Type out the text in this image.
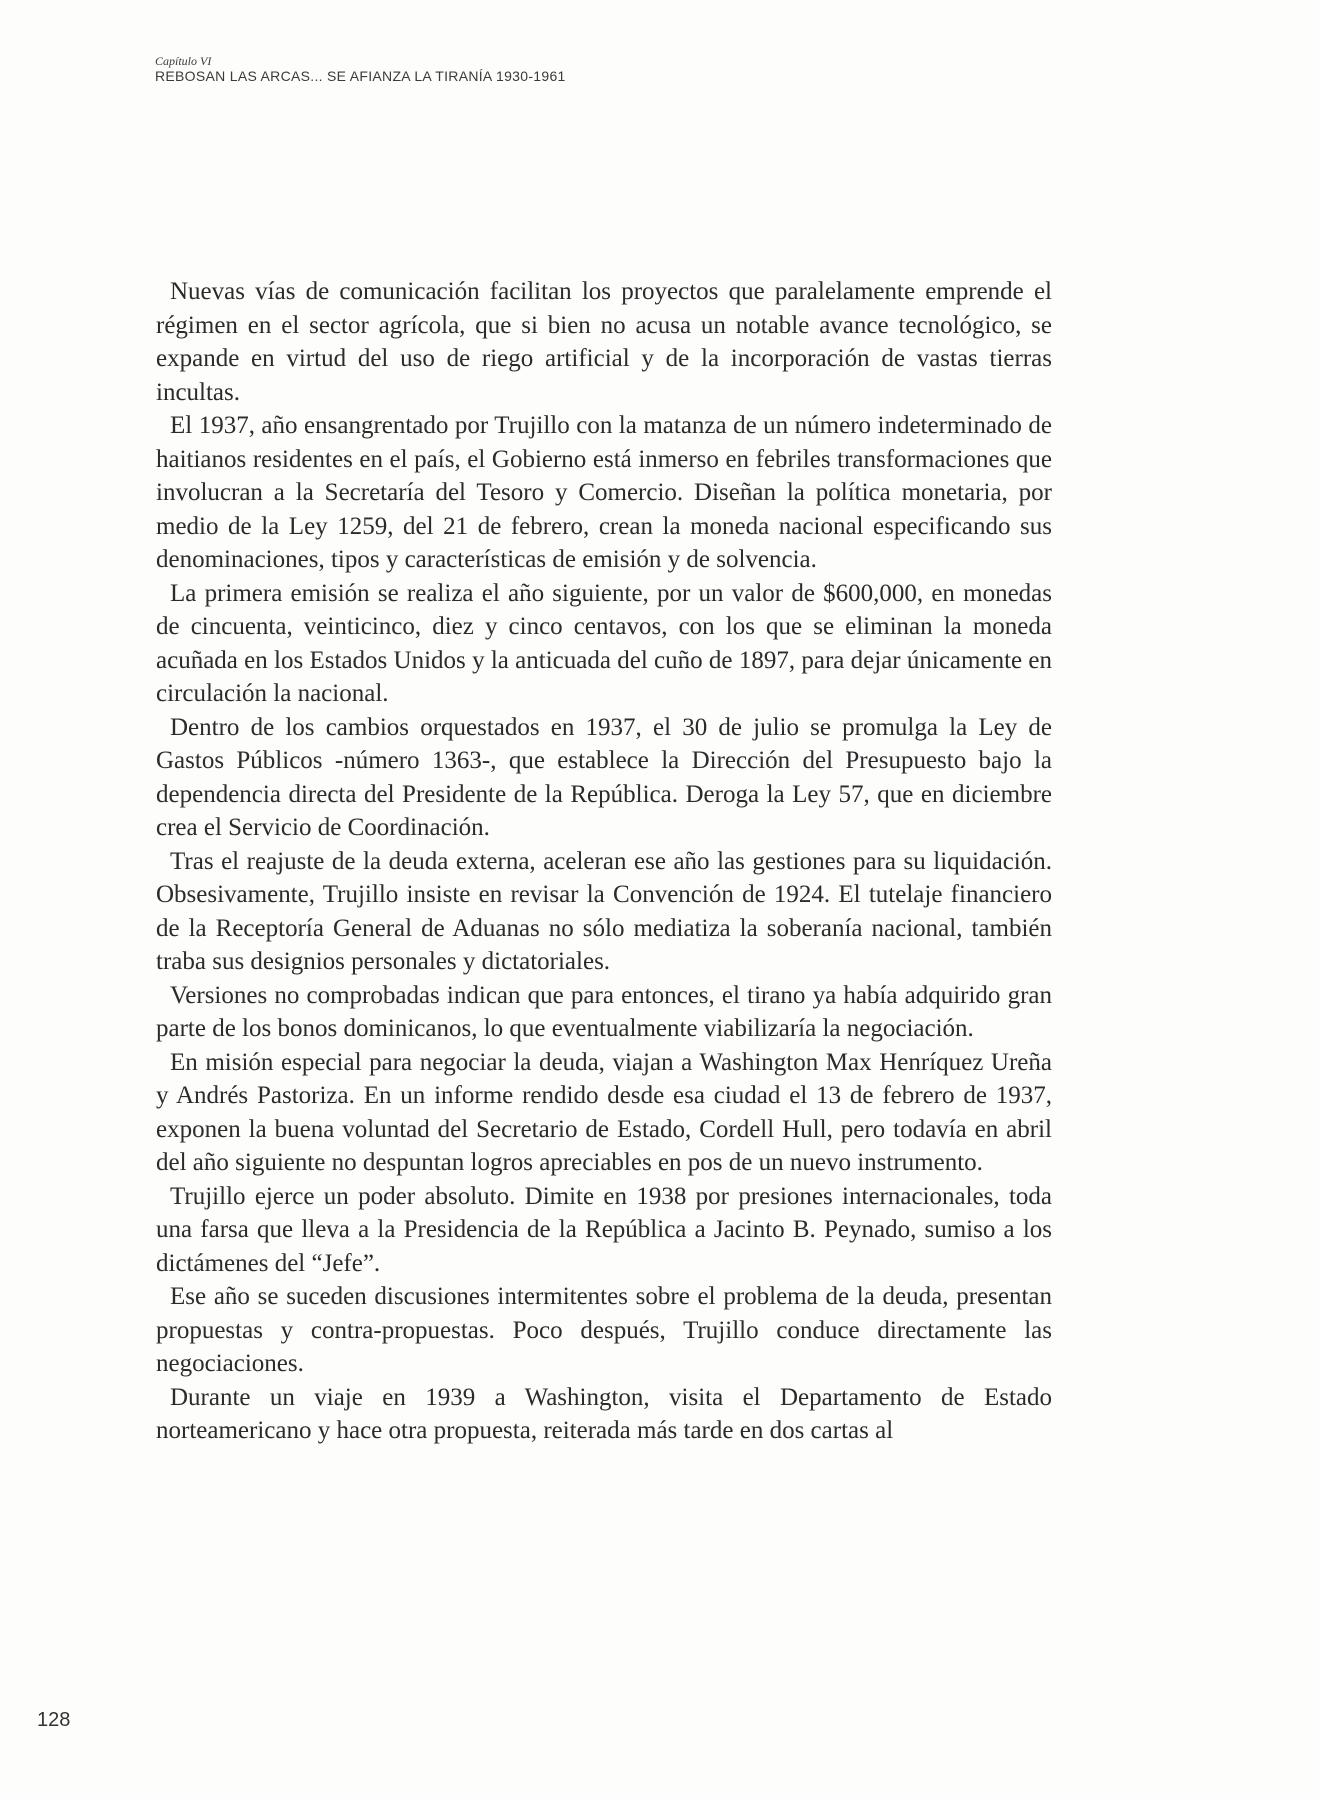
Capítulo VI
REBOSAN LAS ARCAS... SE AFIANZA LA TIRANÍA 1930-1961

Nuevas vías de comunicación facilitan los proyectos que paralelamente emprende el régimen en el sector agrícola, que si bien no acusa un notable avance tecnológico, se expande en virtud del uso de riego artificial y de la incorporación de vastas tierras incultas.

El 1937, año ensangrentado por Trujillo con la matanza de un número indeterminado de haitianos residentes en el país, el Gobierno está inmerso en febriles transformaciones que involucran a la Secretaría del Tesoro y Comercio. Diseñan la política monetaria, por medio de la Ley 1259, del 21 de febrero, crean la moneda nacional especificando sus denominaciones, tipos y características de emisión y de solvencia.

La primera emisión se realiza el año siguiente, por un valor de $600,000, en monedas de cincuenta, veinticinco, diez y cinco centavos, con los que se eliminan la moneda acuñada en los Estados Unidos y la anticuada del cuño de 1897, para dejar únicamente en circulación la nacional.

Dentro de los cambios orquestados en 1937, el 30 de julio se promulga la Ley de Gastos Públicos -número 1363-, que establece la Dirección del Presupuesto bajo la dependencia directa del Presidente de la República. Deroga la Ley 57, que en diciembre crea el Servicio de Coordinación.

Tras el reajuste de la deuda externa, aceleran ese año las gestiones para su liquidación. Obsesivamente, Trujillo insiste en revisar la Convención de 1924. El tutelaje financiero de la Receptoría General de Aduanas no sólo mediatiza la soberanía nacional, también traba sus designios personales y dictatoriales.

Versiones no comprobadas indican que para entonces, el tirano ya había adquirido gran parte de los bonos dominicanos, lo que eventualmente viabilizaría la negociación.

En misión especial para negociar la deuda, viajan a Washington Max Henríquez Ureña y Andrés Pastoriza. En un informe rendido desde esa ciudad el 13 de febrero de 1937, exponen la buena voluntad del Secretario de Estado, Cordell Hull, pero todavía en abril del año siguiente no despuntan logros apreciables en pos de un nuevo instrumento.

Trujillo ejerce un poder absoluto. Dimite en 1938 por presiones internacionales, toda una farsa que lleva a la Presidencia de la República a Jacinto B. Peynado, sumiso a los dictámenes del “Jefe”.

Ese año se suceden discusiones intermitentes sobre el problema de la deuda, presentan propuestas y contra-propuestas. Poco después, Trujillo conduce directamente las negociaciones.

Durante un viaje en 1939 a Washington, visita el Departamento de Estado norteamericano y hace otra propuesta, reiterada más tarde en dos cartas al

128
